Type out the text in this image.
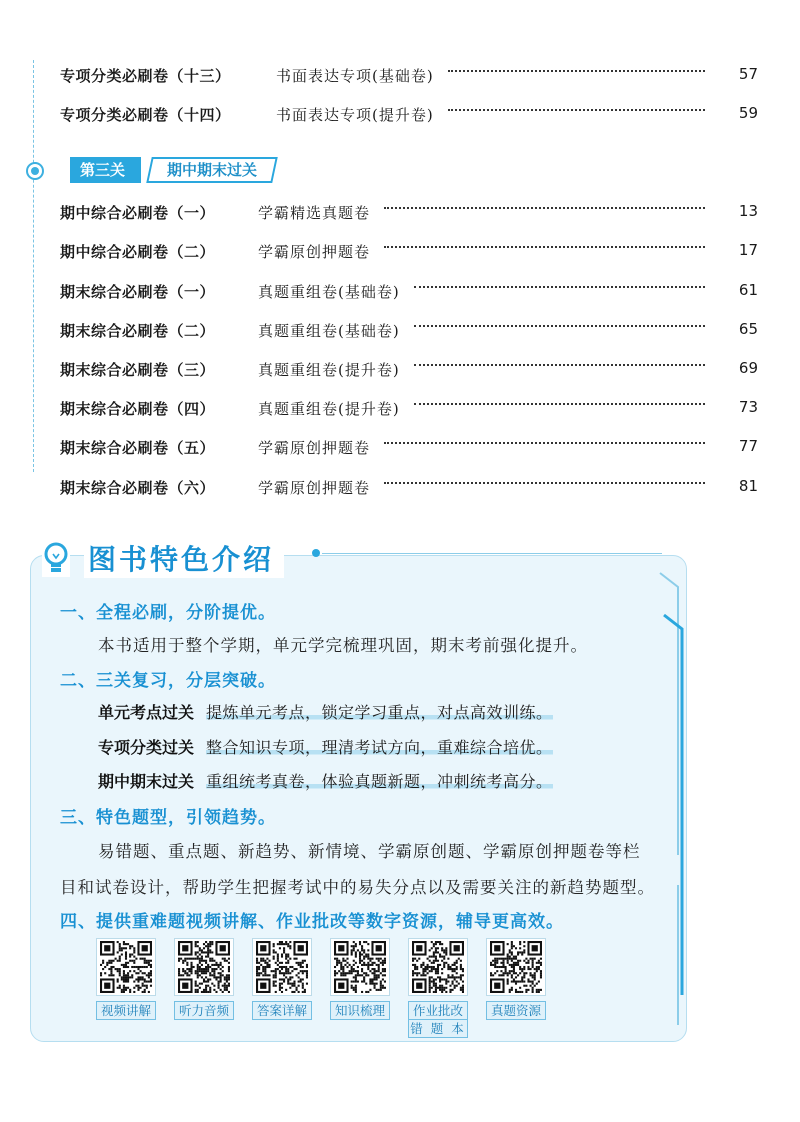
专项分类必刷卷（十三）	书面表达专项(基础卷)	57
专项分类必刷卷（十四）	书面表达专项(提升卷)	59
第三关	期中期末过关
期中综合必刷卷（一）	学霸精选真题卷	13
期中综合必刷卷（二）	学霸原创押题卷	17
期末综合必刷卷（一）	真题重组卷(基础卷)	61
期末综合必刷卷（二）	真题重组卷(基础卷)	65
期末综合必刷卷（三）	真题重组卷(提升卷)	69
期末综合必刷卷（四）	真题重组卷(提升卷)	73
期末综合必刷卷（五）	学霸原创押题卷	77
期末综合必刷卷（六）	学霸原创押题卷	81
图书特色介绍
一、全程必刷，分阶提优。
本书适用于整个学期，单元学完梳理巩固，期末考前强化提升。
二、三关复习，分层突破。
单元考点过关 提炼单元考点，锁定学习重点，对点高效训练。
专项分类过关 整合知识专项，理清考试方向，重难综合培优。
期中期末过关 重组统考真卷，体验真题新题，冲刺统考高分。
三、特色题型，引领趋势。
易错题、重点题、新趋势、新情境、学霸原创题、学霸原创押题卷等栏
目和试卷设计，帮助学生把握考试中的易失分点以及需要关注的新趋势题型。
四、提供重难题视频讲解、作业批改等数字资源，辅导更高效。
视频讲解	听力音频	答案详解	知识梳理	作业批改
错 题 本
真题资源
